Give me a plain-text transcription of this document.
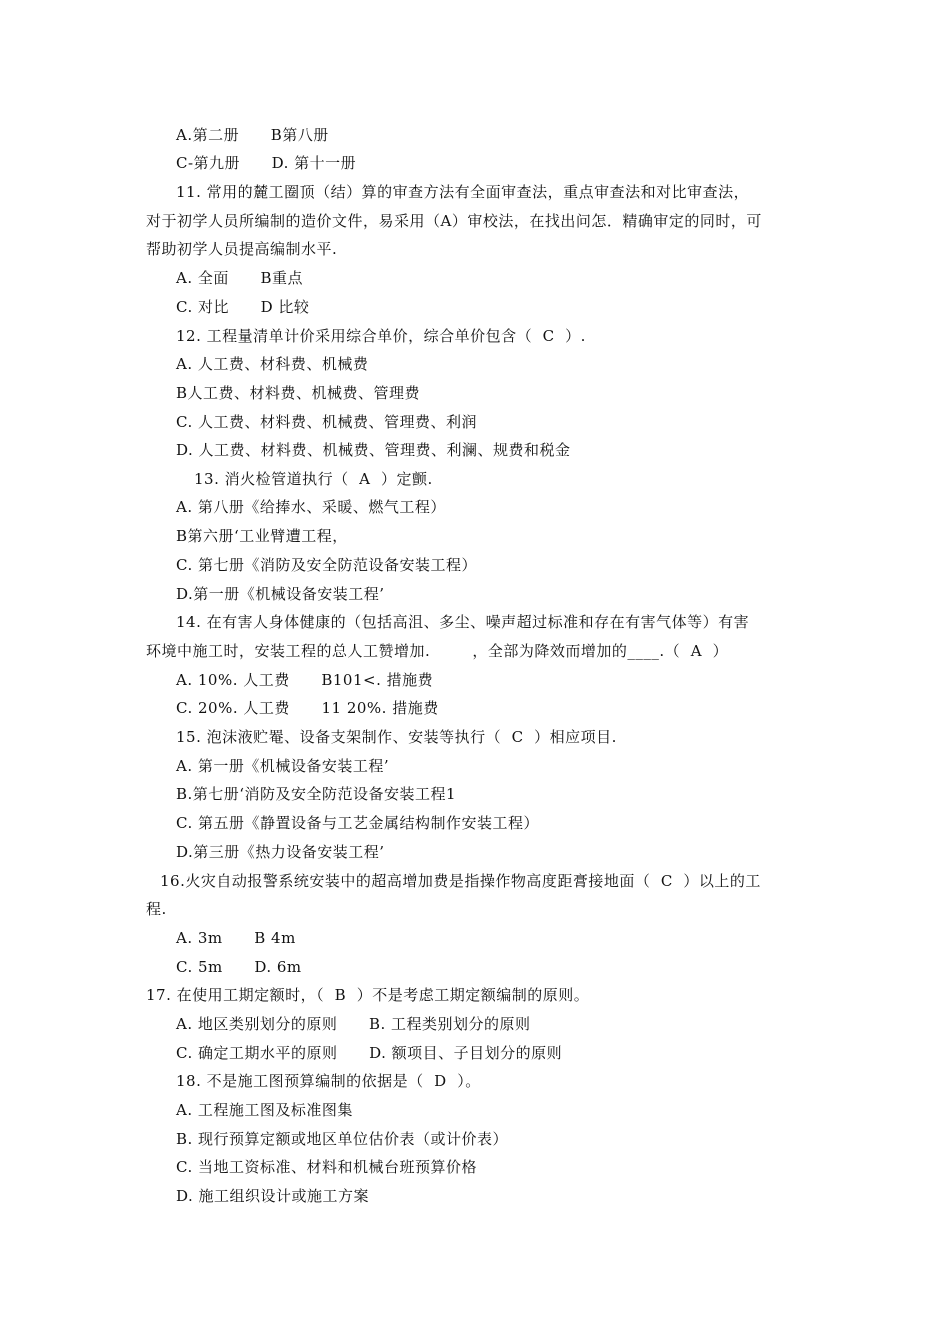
A.第二册      B第八册
C-第九册      D. 第十一册
11. 常用的麓工圈顶（结）算的审查方法有全面审查法，重点审查法和对比审查法，
对于初学人员所编制的造价文件，易采用（A）审校法，在找出问怎．精确审定的同时，可
帮助初学人员提高编制水平.
A. 全面      B重点
C. 对比      D 比较
12. 工程量清单计价采用综合单价，综合单价包含（  C  ）.
A. 人工费、材科费、机械费
B人工费、材料费、机械费、管理费
C. 人工费、材料费、机械费、管理费、利润
D. 人工费、材料费、机械费、管理费、利澜、规费和税金
13. 消火检管道执行（  A  ）定颤.
A. 第八册《给捧水、采暖、燃气工程）
B第六册‘工业臂遭工程，
C. 第七册《消防及安全防范设备安装工程）
D.第一册《机械设备安装工程’
14. 在有害人身体健康的（包括高沮、多尘、噪声超过标准和存在有害气体等）有害
环境中施工时，安装工程的总人工赞增加.        ，全部为降效而增加的____.（  A  ）
A. 10%. 人工费      B101<. 措施费
C. 20%. 人工费      11 20%. 措施费
15. 泡沫液贮罨、设备支架制作、安装等执行（  C  ）相应项目.
A. 第一册《机械设备安装工程’
B.第七册‘消防及安全防范设备安装工程1
C. 第五册《静置设备与工艺金属结构制作安装工程）
D.第三册《热力设备安装工程’
16.火灾自动报警系统安装中的超高增加费是指操作物高度距膏接地面（  C  ）以上的工
程.
A. 3m      B 4m
C. 5m      D. 6m
17. 在使用工期定额时，（  B  ）不是考虑工期定额编制的原则。
A. 地区类别划分的原则      B. 工程类别划分的原则
C. 确定工期水平的原则      D. 额项目、子目划分的原则
18. 不是施工图预算编制的依据是（  D  ）。
A. 工程施工图及标准图集
B. 现行预算定额或地区单位估价表（或计价表）
C. 当地工资标准、材料和机械台班预算价格
D. 施工组织设计或施工方案
